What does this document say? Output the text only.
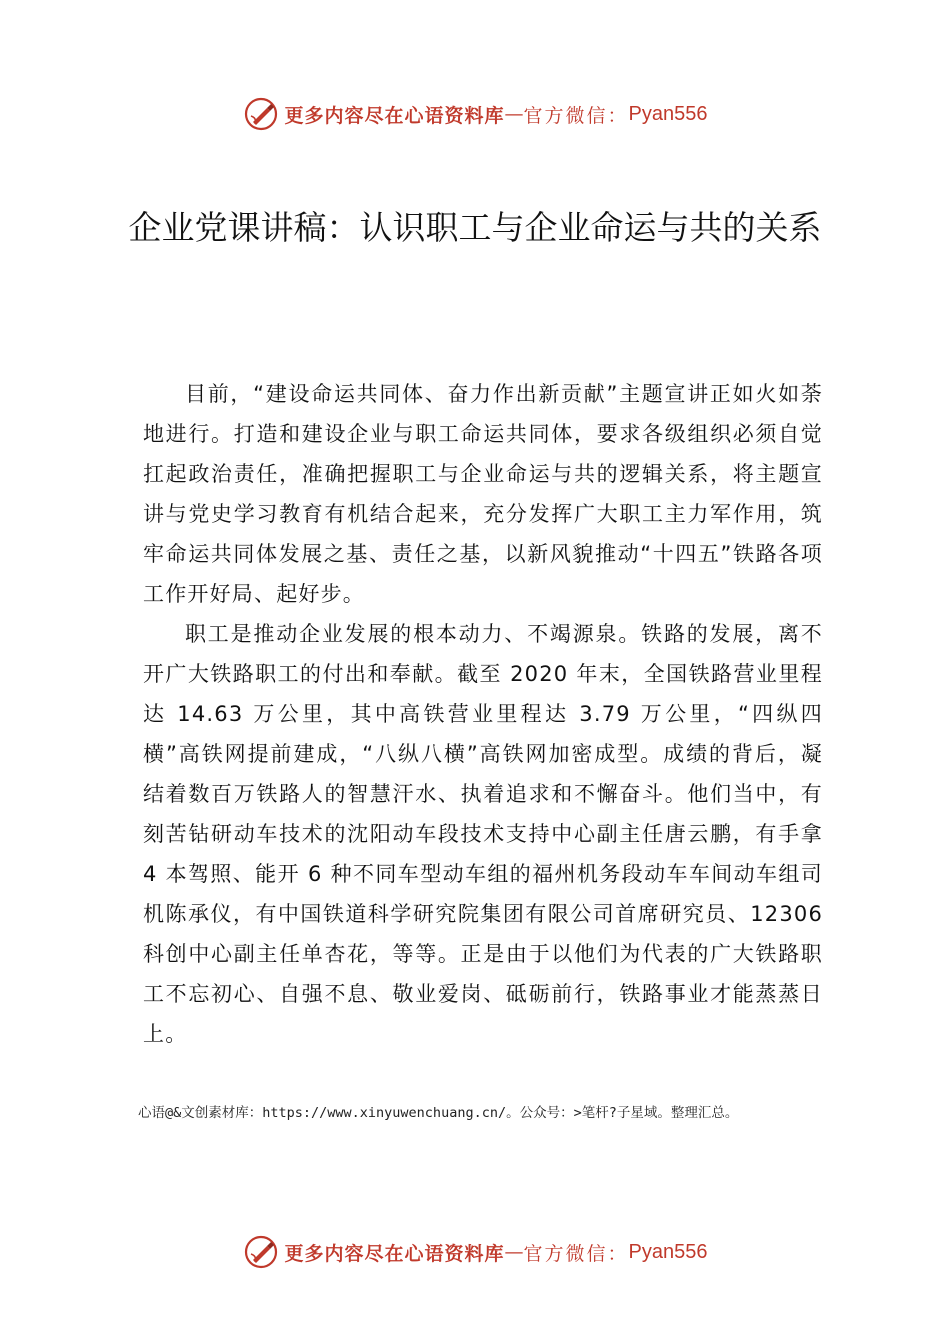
更多内容尽在心语资料库 — 官方微信： Pyan556
企业党课讲稿：认识职工与企业命运与共的关系

目前，“建设命运共同体、奋力作出新贡献”主题宣讲正如火如荼地进行。打造和建设企业与职工命运共同体，要求各级组织必须自觉扛起政治责任，准确把握职工与企业命运与共的逻辑关系，将主题宣讲与党史学习教育有机结合起来，充分发挥广大职工主力军作用，筑牢命运共同体发展之基、责任之基，以新风貌推动“十四五”铁路各项工作开好局、起好步。

职工是推动企业发展的根本动力、不竭源泉。铁路的发展，离不开广大铁路职工的付出和奉献。截至 2020 年末，全国铁路营业里程达 14.63 万公里，其中高铁营业里程达 3.79 万公里，“四纵四横”高铁网提前建成，“八纵八横”高铁网加密成型。成绩的背后，凝结着数百万铁路人的智慧汗水、执着追求和不懈奋斗。他们当中，有刻苦钻研动车技术的沈阳动车段技术支持中心副主任唐云鹏，有手拿 4 本驾照、能开 6 种不同车型动车组的福州机务段动车车间动车组司机陈承仪，有中国铁道科学研究院集团有限公司首席研究员、12306 科创中心副主任单杏花，等等。正是由于以他们为代表的广大铁路职工不忘初心、自强不息、敬业爱岗、砥砺前行，铁路事业才能蒸蒸日上。

心语@&文创素材库：https://www.xinyuwenchuang.cn/。公众号：>笔杆?子星域。整理汇总。
更多内容尽在心语资料库 — 官方微信： Pyan556
